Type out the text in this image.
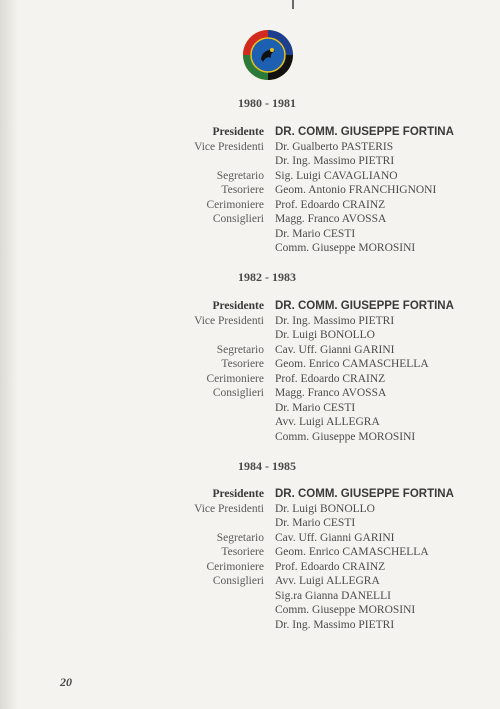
1980 - 1981
Presidente DR. COMM. GIUSEPPE FORTINA
Vice Presidenti Dr. Gualberto PASTERIS
Dr. Ing. Massimo PIETRI
Segretario Sig. Luigi CAVAGLIANO
Tesoriere Geom. Antonio FRANCHIGNONI
Cerimoniere Prof. Edoardo CRAINZ
Consiglieri Magg. Franco AVOSSA
Dr. Mario CESTI
Comm. Giuseppe MOROSINI
1982 - 1983
Presidente DR. COMM. GIUSEPPE FORTINA
Vice Presidenti Dr. Ing. Massimo PIETRI
Dr. Luigi BONOLLO
Segretario Cav. Uff. Gianni GARINI
Tesoriere Geom. Enrico CAMASCHELLA
Cerimoniere Prof. Edoardo CRAINZ
Consiglieri Magg. Franco AVOSSA
Dr. Mario CESTI
Avv. Luigi ALLEGRA
Comm. Giuseppe MOROSINI
1984 - 1985
Presidente DR. COMM. GIUSEPPE FORTINA
Vice Presidenti Dr. Luigi BONOLLO
Dr. Mario CESTI
Segretario Cav. Uff. Gianni GARINI
Tesoriere Geom. Enrico CAMASCHELLA
Cerimoniere Prof. Edoardo CRAINZ
Consiglieri Avv. Luigi ALLEGRA
Sig.ra Gianna DANELLI
Comm. Giuseppe MOROSINI
Dr. Ing. Massimo PIETRI
20
